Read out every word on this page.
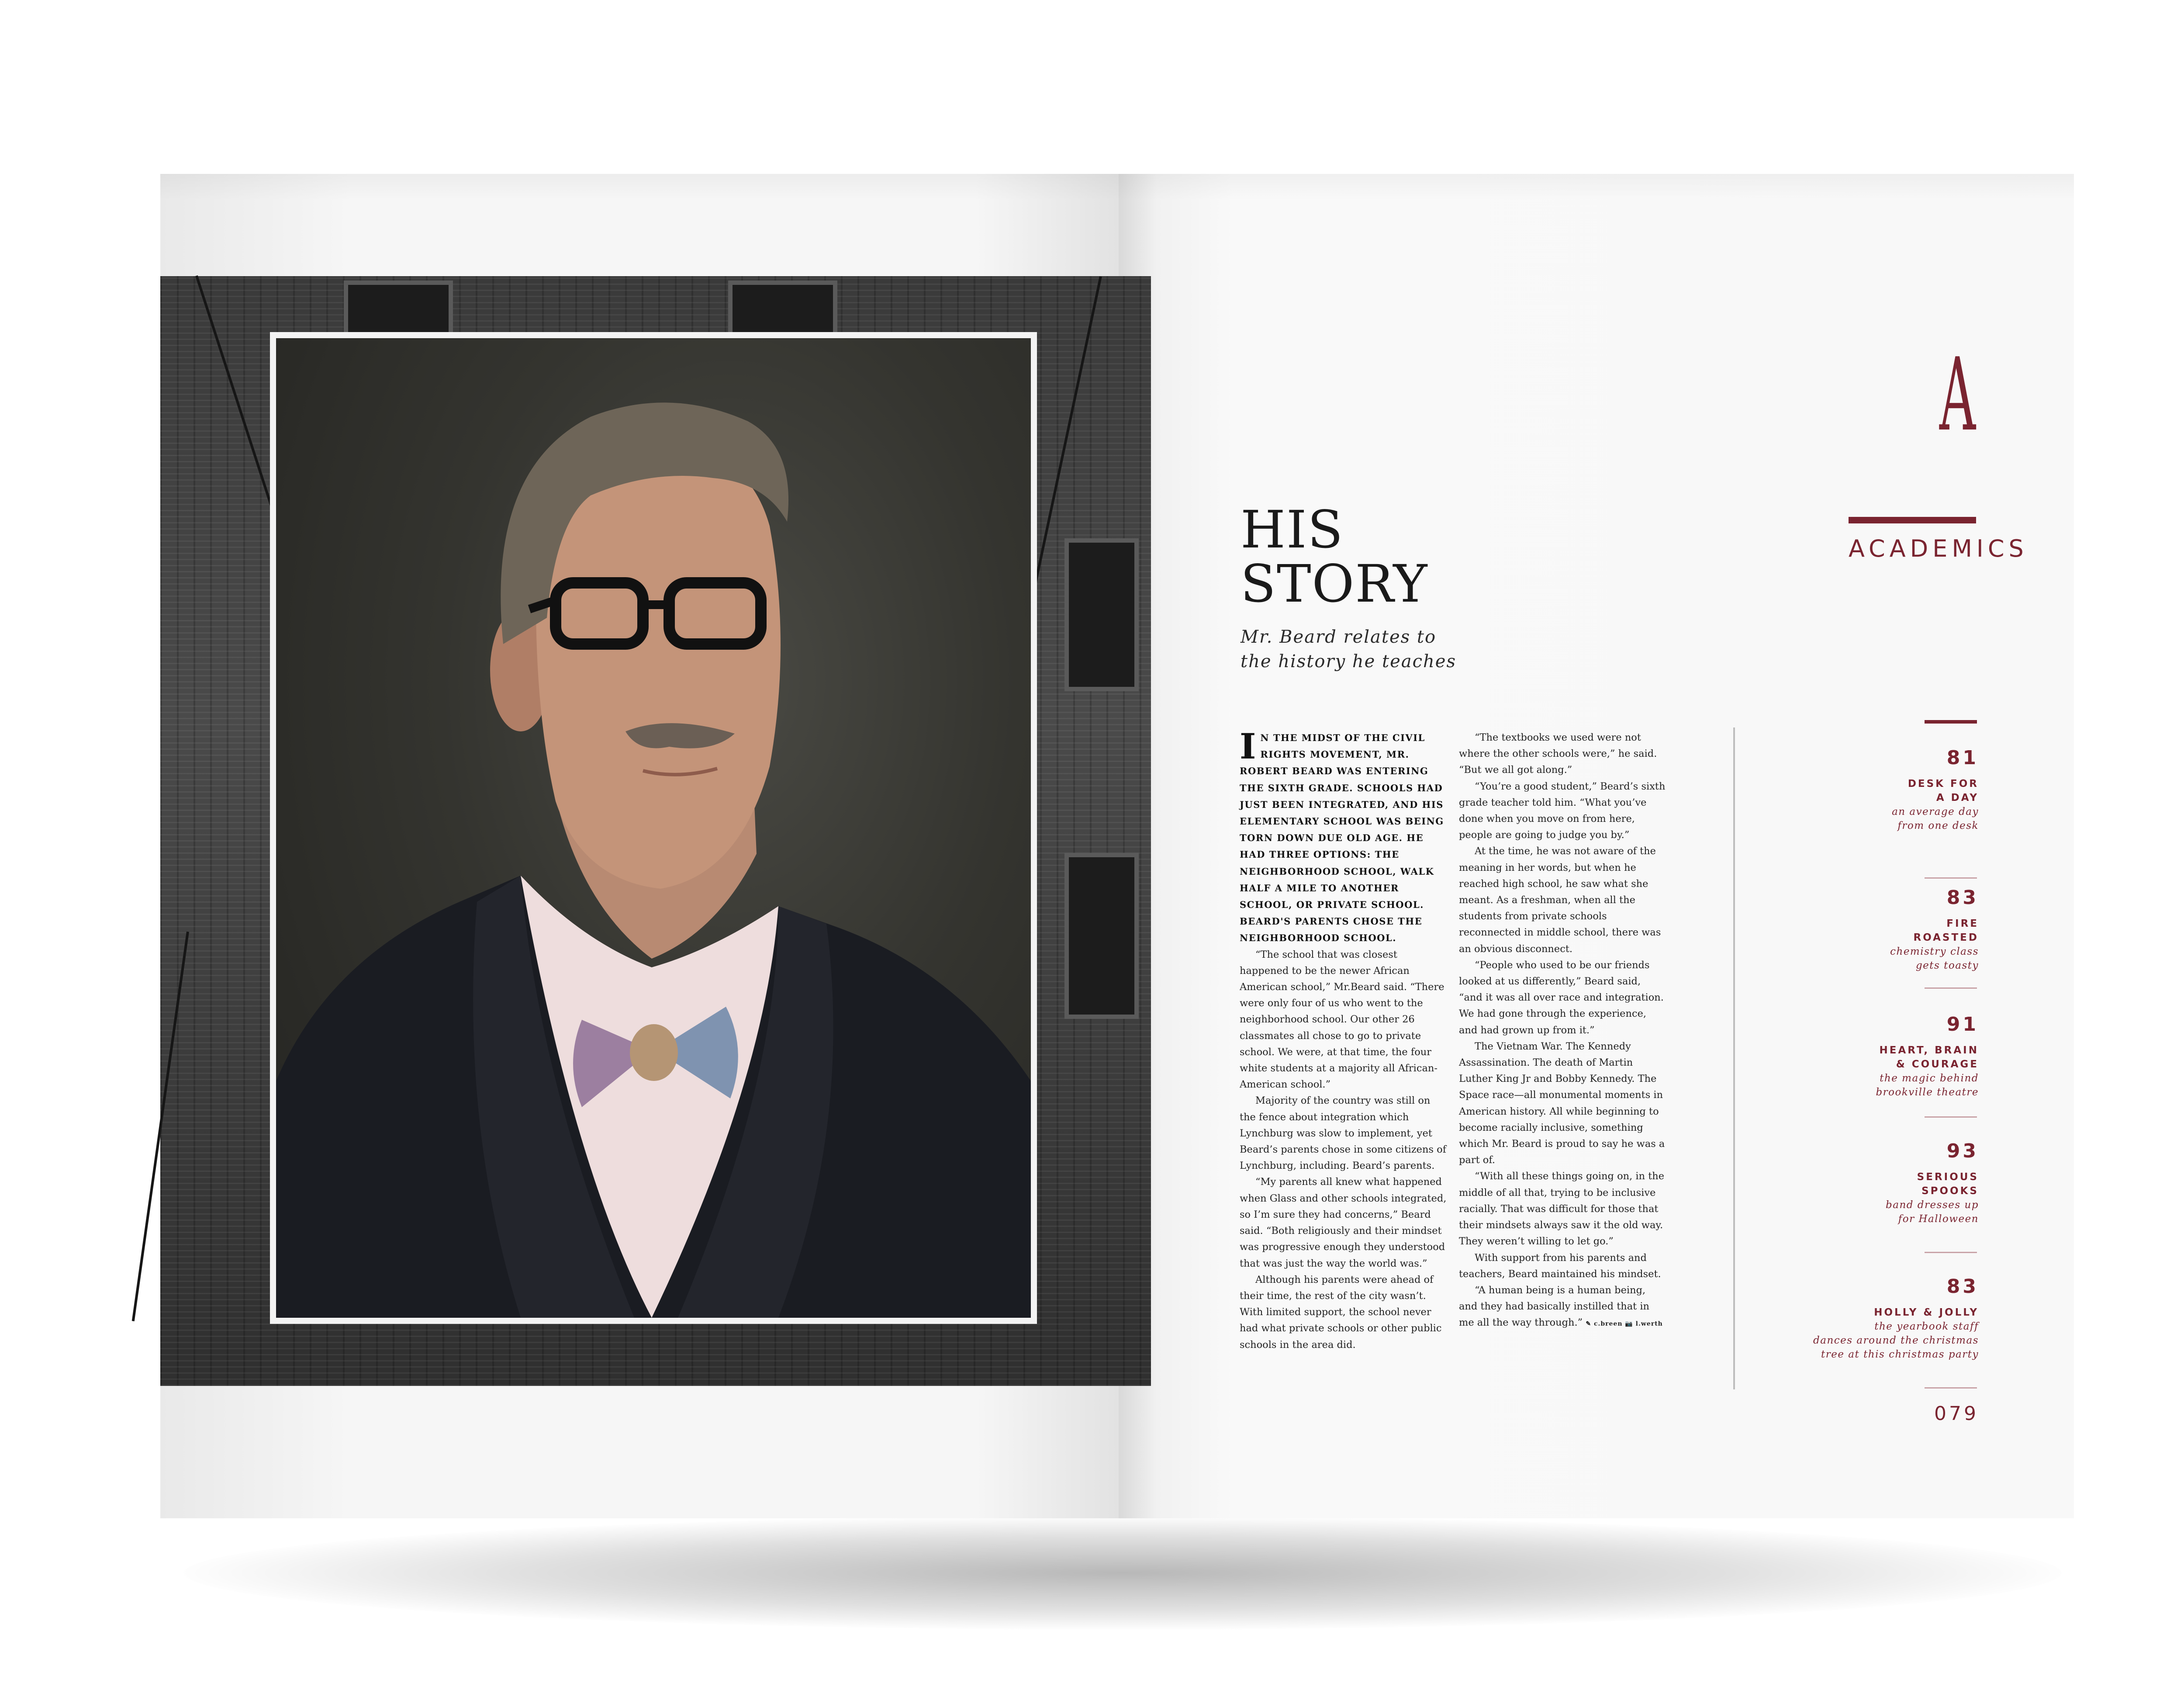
HIS
STORY
Mr. Beard relates to
the history he teaches

IN THE MIDST OF THE CIVIL RIGHTS MOVEMENT, MR. ROBERT BEARD WAS ENTERING THE SIXTH GRADE. SCHOOLS HAD JUST BEEN INTEGRATED, AND HIS ELEMENTARY SCHOOL WAS BEING TORN DOWN DUE OLD AGE. HE HAD THREE OPTIONS: THE NEIGHBORHOOD SCHOOL, WALK HALF A MILE TO ANOTHER SCHOOL, OR PRIVATE SCHOOL. BEARD'S PARENTS CHOSE THE NEIGHBORHOOD SCHOOL.

“The school that was closest happened to be the newer African American school,” Mr.Beard said. “There were only four of us who went to the neighborhood school. Our other 26 classmates all chose to go to private school. We were, at that time, the four white students at a majority all African-American school.”

Majority of the country was still on the fence about integration which Lynchburg was slow to implement, yet Beard’s parents chose in some citizens of Lynchburg, including. Beard’s parents.

“My parents all knew what happened when Glass and other schools integrated, so I’m sure they had concerns,” Beard said. “Both religiously and their mindset was progressive enough they understood that was just the way the world was.”

Although his parents were ahead of their time, the rest of the city wasn’t. With limited support, the school never had what private schools or other public schools in the area did.

“The textbooks we used were not where the other schools were,” he said. “But we all got along.”

“You’re a good student,” Beard’s sixth grade teacher told him. “What you’ve done when you move on from here, people are going to judge you by.”

At the time, he was not aware of the meaning in her words, but when he reached high school, he saw what she meant. As a freshman, when all the students from private schools reconnected in middle school, there was an obvious disconnect.

“People who used to be our friends looked at us differently,” Beard said, “and it was all over race and integration. We had gone through the experience, and had grown up from it.”

The Vietnam War. The Kennedy Assassination. The death of Martin Luther King Jr and Bobby Kennedy. The Space race—all monumental moments in American history. All while beginning to become racially inclusive, something which Mr. Beard is proud to say he was a part of.

“With all these things going on, in the middle of all that, trying to be inclusive racially. That was difficult for those that their mindsets always saw it the old way. They weren’t willing to let go.”

With support from his parents and teachers, Beard maintained his mindset.

“A human being is a human being, and they had basically instilled that in me all the way through.” ✎ c.breen 📷 l.werth

A
ACADEMICS
81
DESK FOR
A DAY
an average day
from one desk
83
FIRE
ROASTED
chemistry class
gets toasty
91
HEART, BRAIN
& COURAGE
the magic behind
brookville theatre
93
SERIOUS
SPOOKS
band dresses up
for Halloween
83
HOLLY & JOLLY
the yearbook staff
dances around the christmas
tree at this christmas party
079
